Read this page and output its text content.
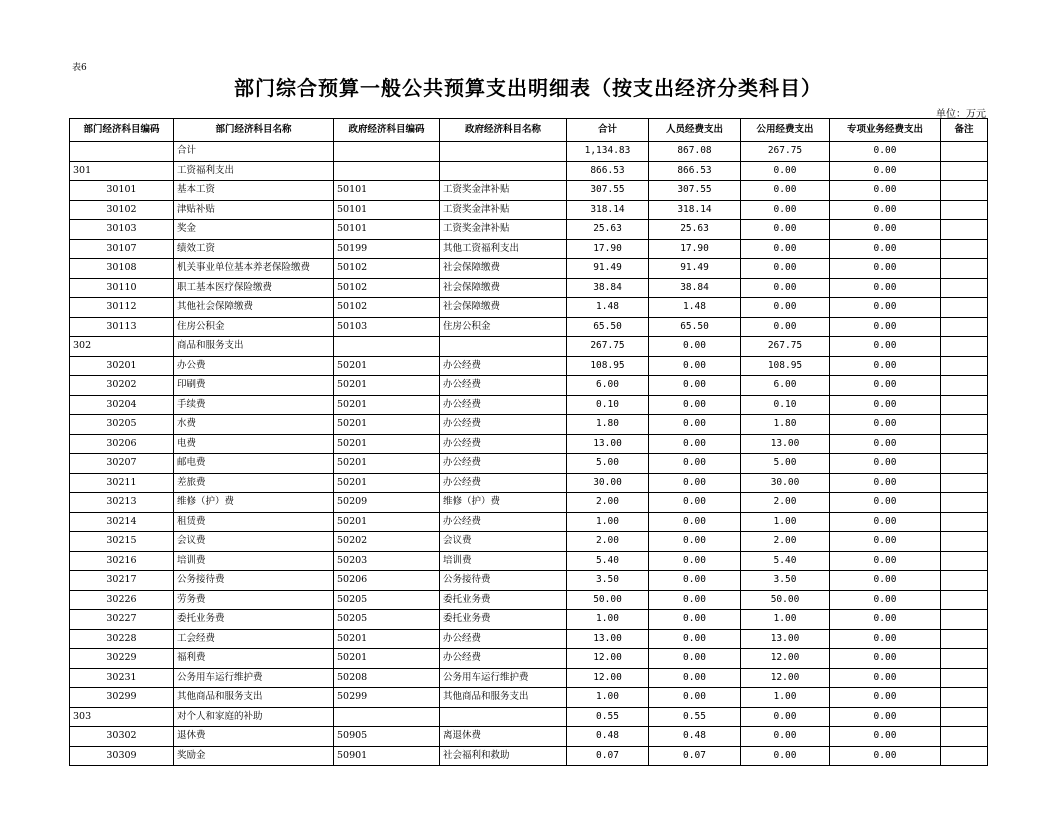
表6
部门综合预算一般公共预算支出明细表（按支出经济分类科目）
单位：万元
部门经济科目编码	部门经济科目名称	政府经济科目编码	政府经济科目名称	合计	人员经费支出	公用经费支出	专项业务经费支出	备注
	合计			1,134.83	867.08	267.75	0.00	
301	工资福利支出			866.53	866.53	0.00	0.00	
30101	基本工资	50101	工资奖金津补贴	307.55	307.55	0.00	0.00	
30102	津贴补贴	50101	工资奖金津补贴	318.14	318.14	0.00	0.00	
30103	奖金	50101	工资奖金津补贴	25.63	25.63	0.00	0.00	
30107	绩效工资	50199	其他工资福利支出	17.90	17.90	0.00	0.00	
30108	机关事业单位基本养老保险缴费	50102	社会保障缴费	91.49	91.49	0.00	0.00	
30110	职工基本医疗保险缴费	50102	社会保障缴费	38.84	38.84	0.00	0.00	
30112	其他社会保障缴费	50102	社会保障缴费	1.48	1.48	0.00	0.00	
30113	住房公积金	50103	住房公积金	65.50	65.50	0.00	0.00	
302	商品和服务支出			267.75	0.00	267.75	0.00	
30201	办公费	50201	办公经费	108.95	0.00	108.95	0.00	
30202	印刷费	50201	办公经费	6.00	0.00	6.00	0.00	
30204	手续费	50201	办公经费	0.10	0.00	0.10	0.00	
30205	水费	50201	办公经费	1.80	0.00	1.80	0.00	
30206	电费	50201	办公经费	13.00	0.00	13.00	0.00	
30207	邮电费	50201	办公经费	5.00	0.00	5.00	0.00	
30211	差旅费	50201	办公经费	30.00	0.00	30.00	0.00	
30213	维修（护）费	50209	维修（护）费	2.00	0.00	2.00	0.00	
30214	租赁费	50201	办公经费	1.00	0.00	1.00	0.00	
30215	会议费	50202	会议费	2.00	0.00	2.00	0.00	
30216	培训费	50203	培训费	5.40	0.00	5.40	0.00	
30217	公务接待费	50206	公务接待费	3.50	0.00	3.50	0.00	
30226	劳务费	50205	委托业务费	50.00	0.00	50.00	0.00	
30227	委托业务费	50205	委托业务费	1.00	0.00	1.00	0.00	
30228	工会经费	50201	办公经费	13.00	0.00	13.00	0.00	
30229	福利费	50201	办公经费	12.00	0.00	12.00	0.00	
30231	公务用车运行维护费	50208	公务用车运行维护费	12.00	0.00	12.00	0.00	
30299	其他商品和服务支出	50299	其他商品和服务支出	1.00	0.00	1.00	0.00	
303	对个人和家庭的补助			0.55	0.55	0.00	0.00	
30302	退休费	50905	离退休费	0.48	0.48	0.00	0.00	
30309	奖励金	50901	社会福利和救助	0.07	0.07	0.00	0.00	
